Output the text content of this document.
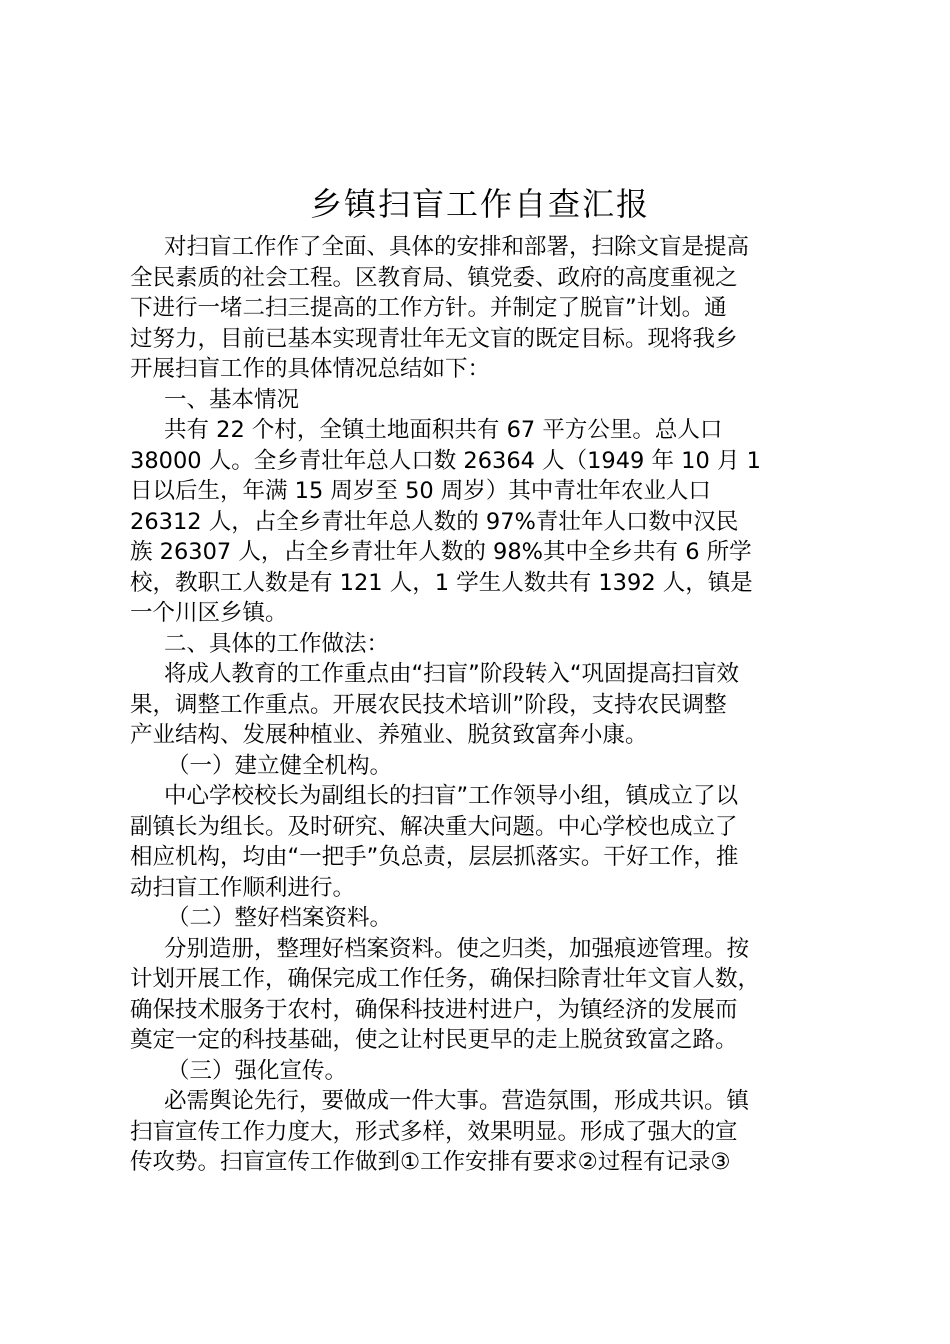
乡镇扫盲工作自查汇报

对扫盲工作作了全面、具体的安排和部署，扫除文盲是提高

全民素质的社会工程。区教育局、镇党委、政府的高度重视之

下进行一堵二扫三提高的工作方针。并制定了脱盲”计划。通

过努力，目前已基本实现青壮年无文盲的既定目标。现将我乡

开展扫盲工作的具体情况总结如下：

一、基本情况

共有 22 个村，全镇土地面积共有 67 平方公里。总人口

38000 人。全乡青壮年总人口数 26364 人（1949 年 10 月 1

日以后生，年满 15 周岁至 50 周岁）其中青壮年农业人口

26312 人，占全乡青壮年总人数的 97%青壮年人口数中汉民

族 26307 人，占全乡青壮年人数的 98%其中全乡共有 6 所学

校，教职工人数是有 121 人，1 学生人数共有 1392 人，镇是

一个川区乡镇。

二、具体的工作做法：

将成人教育的工作重点由“扫盲”阶段转入“巩固提高扫盲效

果，调整工作重点。开展农民技术培训”阶段，支持农民调整

产业结构、发展种植业、养殖业、脱贫致富奔小康。

（一）建立健全机构。

中心学校校长为副组长的扫盲”工作领导小组，镇成立了以

副镇长为组长。及时研究、解决重大问题。中心学校也成立了

相应机构，均由“一把手”负总责，层层抓落实。干好工作，推

动扫盲工作顺利进行。

（二）整好档案资料。

分别造册，整理好档案资料。使之归类，加强痕迹管理。按

计划开展工作，确保完成工作任务，确保扫除青壮年文盲人数，

确保技术服务于农村，确保科技进村进户，为镇经济的发展而

奠定一定的科技基础，使之让村民更早的走上脱贫致富之路。

（三）强化宣传。

必需舆论先行，要做成一件大事。营造氛围，形成共识。镇

扫盲宣传工作力度大，形式多样，效果明显。形成了强大的宣

传攻势。扫盲宣传工作做到①工作安排有要求②过程有记录③
